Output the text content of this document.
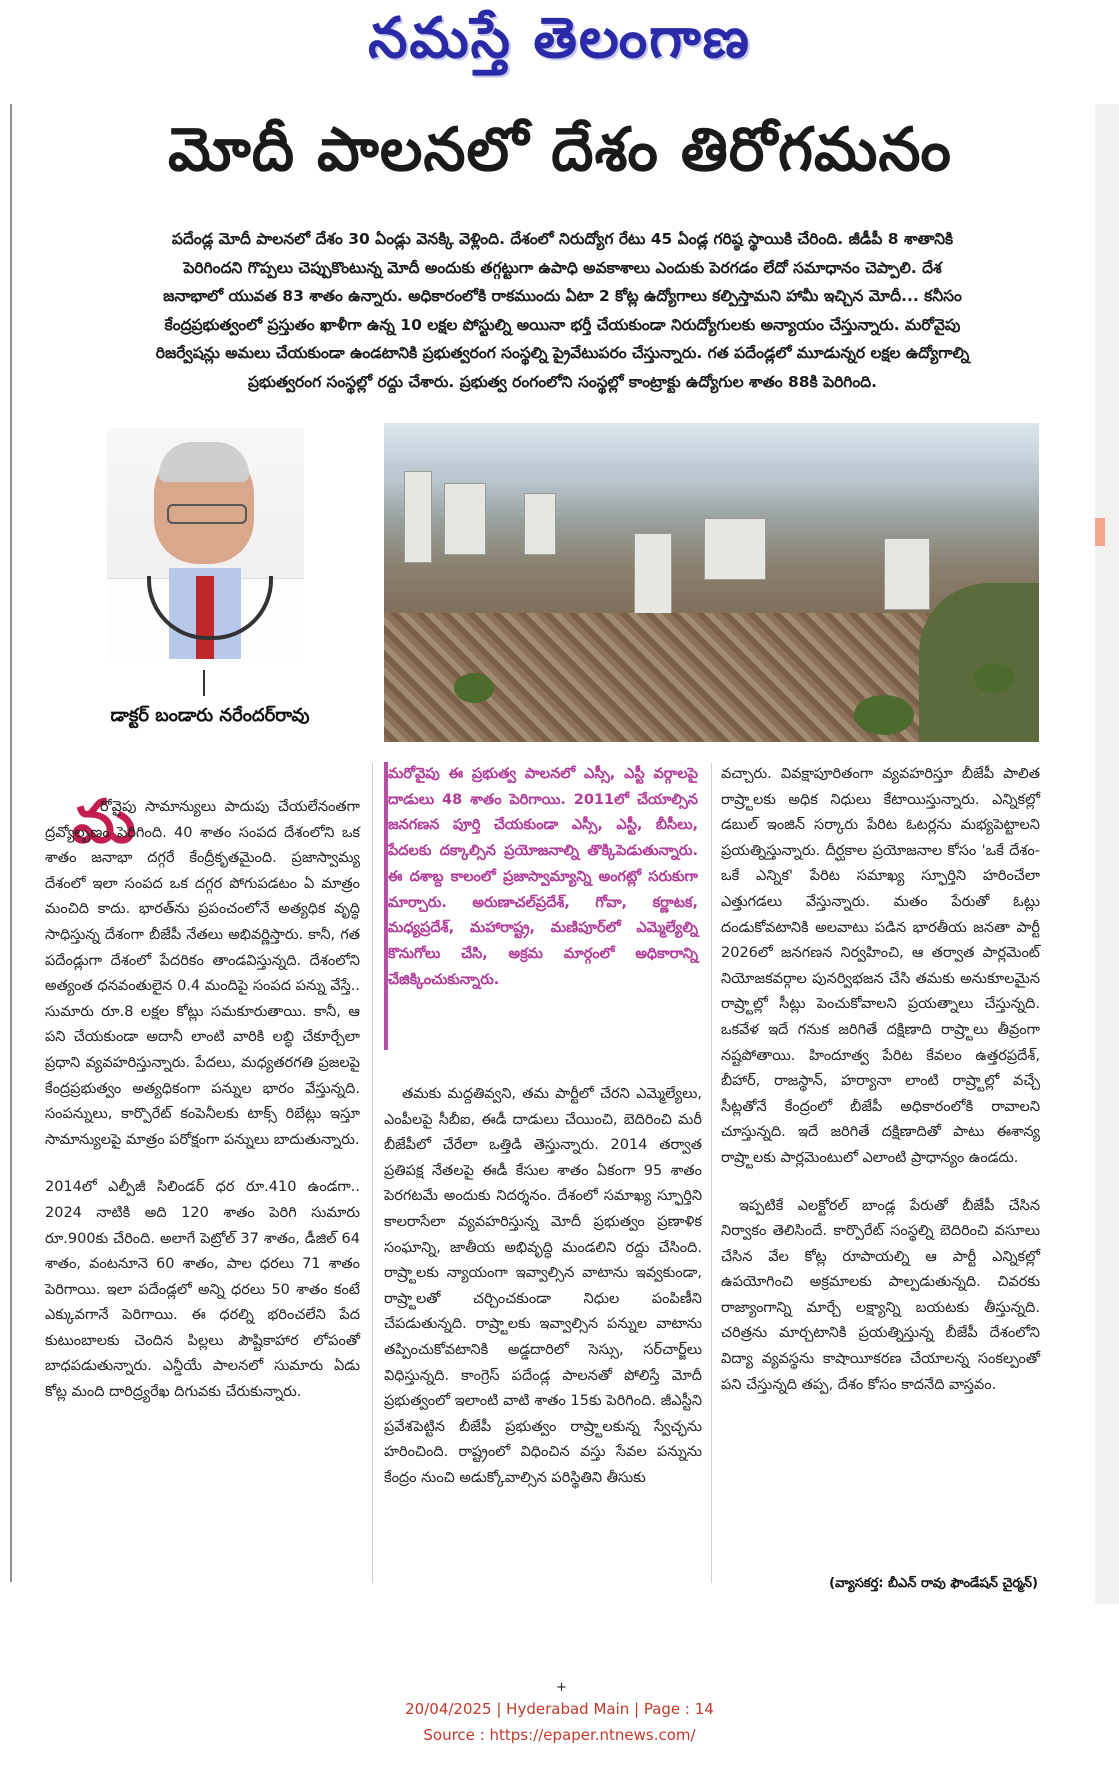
నమస్తే తెలంగాణ
మోదీ పాలనలో దేశం తిరోగమనం

పదేండ్ల మోదీ పాలనలో దేశం 30 ఏండ్లు వెనక్కి వెళ్లింది. దేశంలో నిరుద్యోగ రేటు 45 ఏండ్ల గరిష్ఠ స్థాయికి చేరింది. జీడీపీ 8 శాతానికి

పెరిగిందని గొప్పలు చెప్పుకొంటున్న మోదీ అందుకు తగ్గట్టుగా ఉపాధి అవకాశాలు ఎందుకు పెరగడం లేదో సమాధానం చెప్పాలి. దేశ

జనాభాలో యువత 83 శాతం ఉన్నారు. అధికారంలోకి రాకముందు ఏటా 2 కోట్ల ఉద్యోగాలు కల్పిస్తామని హామీ ఇచ్చిన మోదీ... కనీసం

కేంద్రప్రభుత్వంలో ప్రస్తుతం ఖాళీగా ఉన్న 10 లక్షల పోస్టుల్ని అయినా భర్తీ చేయకుండా నిరుద్యోగులకు అన్యాయం చేస్తున్నారు. మరోవైపు

రిజర్వేషన్లు అమలు చేయకుండా ఉండటానికి ప్రభుత్వరంగ సంస్థల్ని ప్రైవేటుపరం చేస్తున్నారు. గత పదేండ్లలో మూడున్నర లక్షల ఉద్యోగాల్ని

ప్రభుత్వరంగ సంస్థల్లో రద్దు చేశారు. ప్రభుత్వ రంగంలోని సంస్థల్లో కాంట్రాక్టు ఉద్యోగుల శాతం 88కి పెరిగింది.

డాక్టర్ బండారు నరేందర్‌రావు
మ

రోవైపు సామాన్యులు పాదుపు చేయలేనంతగా ద్రవ్యోల్బణం పెరిగింది. 40 శాతం సంపద దేశంలోని ఒక శాతం జనాభా దగ్గరే కేంద్రీకృతమైంది. ప్రజాస్వామ్య దేశంలో ఇలా సంపద ఒక దగ్గర పోగుపడటం ఏ మాత్రం మంచిది కాదు. భారత్‌ను ప్రపంచంలోనే అత్యధిక వృద్ధి సాధిస్తున్న దేశంగా బీజేపీ నేతలు అభివర్ణిస్తారు. కానీ, గత పదేండ్లుగా దేశంలో పేదరికం తాండవిస్తున్నది. దేశంలోని అత్యంత ధనవంతులైన 0.4 మందిపై సంపద పన్ను వేస్తే.. సుమారు రూ.8 లక్షల కోట్లు సమకూరుతాయి. కానీ, ఆ పని చేయకుండా అదానీ లాంటి వారికి లబ్ధి చేకూర్చేలా ప్రధాని వ్యవహరిస్తున్నారు. పేదలు, మధ్యతరగతి ప్రజలపై కేంద్రప్రభుత్వం అత్యధికంగా పన్నుల భారం వేస్తున్నది. సంపన్నులు, కార్పొరేట్ కంపెనీలకు టాక్స్ రిబేట్లు ఇస్తూ సామాన్యులపై మాత్రం పరోక్షంగా పన్నులు బాదుతున్నారు.

2014లో ఎల్పీజీ సిలిండర్ ధర రూ.410 ఉండగా.. 2024 నాటికి అది 120 శాతం పెరిగి సుమారు రూ.900కు చేరింది. అలాగే పెట్రోల్ 37 శాతం, డీజిల్ 64 శాతం, వంటనూనె 60 శాతం, పాల ధరలు 71 శాతం పెరిగాయి. ఇలా పదేండ్లలో అన్ని ధరలు 50 శాతం కంటే ఎక్కువగానే పెరిగాయి. ఈ ధరల్ని భరించలేని పేద కుటుంబాలకు చెందిన పిల్లలు పౌష్టికాహార లోపంతో బాధపడుతున్నారు. ఎన్డీయే పాలనలో సుమారు ఏడు కోట్ల మంది దారిద్ర్యరేఖ దిగువకు చేరుకున్నారు.

మరోవైపు ఈ ప్రభుత్వ పాలనలో ఎస్సీ, ఎస్టీ వర్గాలపై దాడులు 48 శాతం పెరిగాయి. 2011లో చేయాల్సిన జనగణన పూర్తి చేయకుండా ఎస్సీ, ఎస్టీ, బీసీలు, పేదలకు దక్కాల్సిన ప్రయోజనాల్ని తొక్కిపెడుతున్నారు. ఈ దశాబ్ద కాలంలో ప్రజాస్వామ్యాన్ని అంగట్లో సరుకుగా మార్చారు. అరుణాచల్‌ప్రదేశ్, గోవా, కర్ణాటక, మధ్యప్రదేశ్, మహారాష్ట్ర, మణిపూర్‌లో ఎమ్మెల్యేల్ని కొనుగోలు చేసి, అక్రమ మార్గంలో అధికారాన్ని చేజిక్కించుకున్నారు.

తమకు మద్దతివ్వని, తమ పార్టీలో చేరని ఎమ్మెల్యేలు, ఎంపీలపై సీబీఐ, ఈడీ దాడులు చేయించి, బెదిరించి మరీ బీజేపీలో చేరేలా ఒత్తిడి తెస్తున్నారు. 2014 తర్వాత ప్రతిపక్ష నేతలపై ఈడీ కేసుల శాతం ఏకంగా 95 శాతం పెరగటమే అందుకు నిదర్శనం. దేశంలో సమాఖ్య స్ఫూర్తిని కాలరాసేలా వ్యవహరిస్తున్న మోదీ ప్రభుత్వం ప్రణాళిక సంఘాన్ని, జాతీయ అభివృద్ధి మండలిని రద్దు చేసింది. రాష్ర్టాలకు న్యాయంగా ఇవ్వాల్సిన వాటాను ఇవ్వకుండా, రాష్ర్టాలతో చర్చించకుండా నిధుల పంపిణీని చేపడుతున్నది. రాష్ర్టాలకు ఇవ్వాల్సిన పన్నుల వాటాను తప్పించుకోవటానికి అడ్డదారిలో సెస్సు, సర్‌చార్జ్‌లు విధిస్తున్నది. కాంగ్రెస్ పదేండ్ల పాలనతో పోలిస్తే మోదీ ప్రభుత్వంలో ఇలాంటి వాటి శాతం 15కు పెరిగింది. జీఎస్టీని ప్రవేశపెట్టిన బీజేపీ ప్రభుత్వం రాష్ర్టాలకున్న స్వేచ్ఛను హరించింది. రాష్ట్రంలో విధించిన వస్తు సేవల పన్నును కేంద్రం నుంచి అడుక్కోవాల్సిన పరిస్థితిని తీసుకు

వచ్చారు. వివక్షాపూరితంగా వ్యవహరిస్తూ బీజేపీ పాలిత రాష్ర్టాలకు అధిక నిధులు కేటాయిస్తున్నారు. ఎన్నికల్లో డబుల్ ఇంజిన్ సర్కారు పేరిట ఓటర్లను మభ్యపెట్టాలని ప్రయత్నిస్తున్నారు. దీర్ఘకాల ప్రయోజనాల కోసం 'ఒకే దేశం- ఒకే ఎన్నిక' పేరిట సమాఖ్య స్ఫూర్తిని హరించేలా ఎత్తుగడలు వేస్తున్నారు. మతం పేరుతో ఓట్లు దండుకోవటానికి అలవాటు పడిన భారతీయ జనతా పార్టీ 2026లో జనగణన నిర్వహించి, ఆ తర్వాత పార్లమెంట్ నియోజకవర్గాల పునర్విభజన చేసి తమకు అనుకూలమైన రాష్ర్టాల్లో సీట్లు పెంచుకోవాలని ప్రయత్నాలు చేస్తున్నది. ఒకవేళ ఇదే గనుక జరిగితే దక్షిణాది రాష్ర్టాలు తీవ్రంగా నష్టపోతాయి. హిందూత్వ పేరిట కేవలం ఉత్తరప్రదేశ్, బీహార్, రాజస్థాన్, హర్యానా లాంటి రాష్ర్టాల్లో వచ్చే సీట్లతోనే కేంద్రంలో బీజేపీ అధికారంలోకి రావాలని చూస్తున్నది. ఇదే జరిగితే దక్షిణాదితో పాటు ఈశాన్య రాష్ర్టాలకు పార్లమెంటులో ఎలాంటి ప్రాధాన్యం ఉండదు.

ఇప్పటికే ఎలక్టోరల్ బాండ్ల పేరుతో బీజేపీ చేసిన నిర్వాకం తెలిసిందే. కార్పొరేట్ సంస్థల్ని బెదిరించి వసూలు చేసిన వేల కోట్ల రూపాయల్ని ఆ పార్టీ ఎన్నికల్లో ఉపయోగించి అక్రమాలకు పాల్పడుతున్నది. చివరకు రాజ్యాంగాన్ని మార్చే లక్ష్యాన్ని బయటకు తీస్తున్నది. చరిత్రను మార్చటానికి ప్రయత్నిస్తున్న బీజేపీ దేశంలోని విద్యా వ్యవస్థను కాషాయీకరణ చేయాలన్న సంకల్పంతో పని చేస్తున్నది తప్ప, దేశం కోసం కాదనేది వాస్తవం.

(వ్యాసకర్త: బీఎన్ రావు ఫౌండేషన్ చైర్మన్)
+
20/04/2025 | Hyderabad Main | Page : 14
Source : https://epaper.ntnews.com/
